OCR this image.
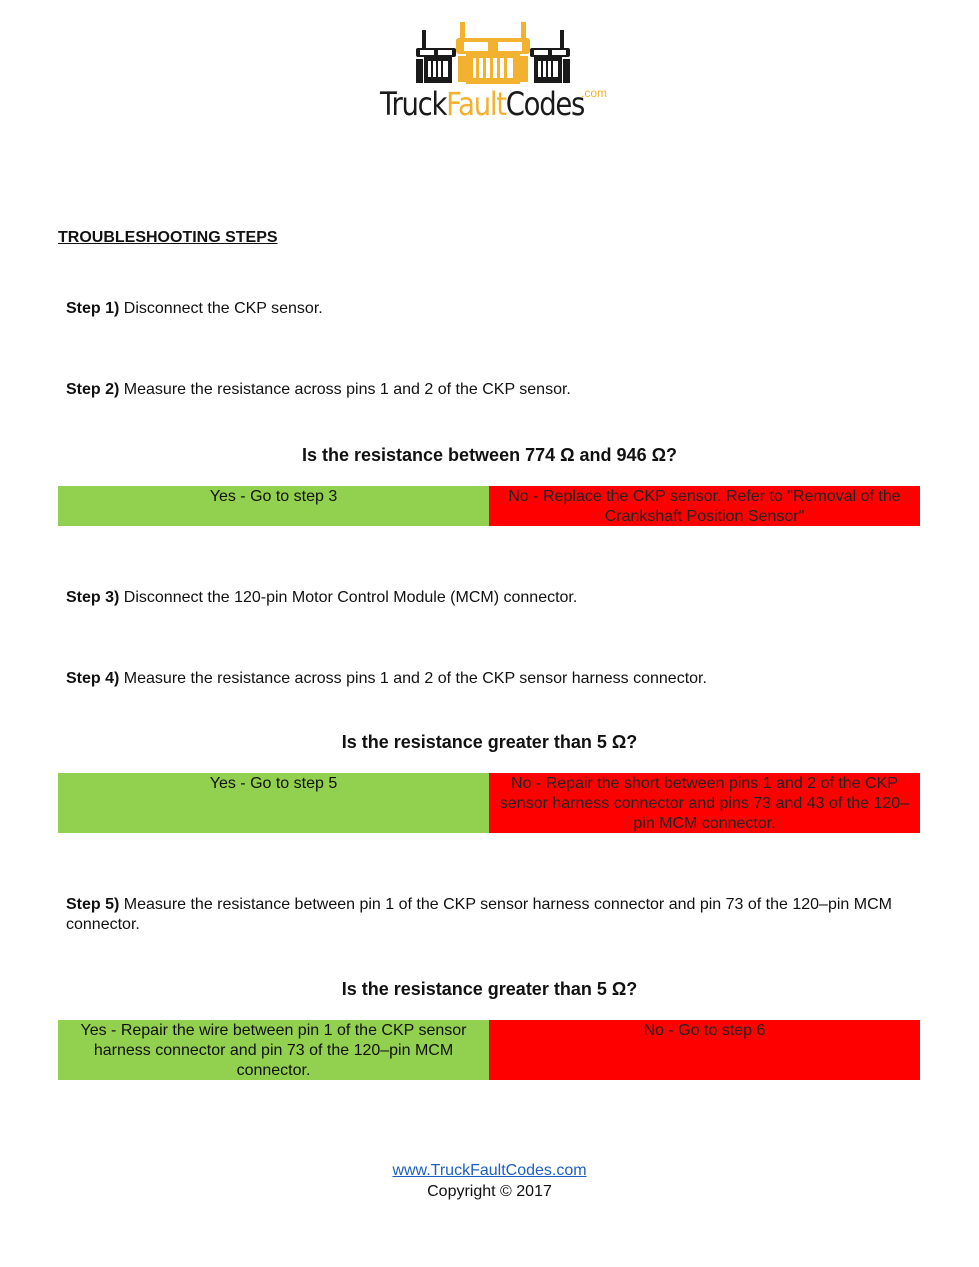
TruckFaultCodes
.com
TROUBLESHOOTING STEPS
Step 1) Disconnect the CKP sensor.
Step 2) Measure the resistance across pins 1 and 2 of the CKP sensor.
Is the resistance between 774 Ω and 946 Ω?
Yes - Go to step 3	No - Replace the CKP sensor. Refer to "Removal of the Crankshaft Position Sensor"
Step 3) Disconnect the 120-pin Motor Control Module (MCM) connector.
Step 4) Measure the resistance across pins 1 and 2 of the CKP sensor harness connector.
Is the resistance greater than 5 Ω?
Yes - Go to step 5	No - Repair the short between pins 1 and 2 of the CKP sensor harness connector and pins 73 and 43 of the 120–pin MCM connector.
Step 5) Measure the resistance between pin 1 of the CKP sensor harness connector and pin 73 of the 120–pin MCM connector.
Is the resistance greater than 5 Ω?
Yes - Repair the wire between pin 1 of the CKP sensor harness connector and pin 73 of the 120–pin MCM connector.
No - Go to step 6
www.TruckFaultCodes.com
Copyright © 2017
